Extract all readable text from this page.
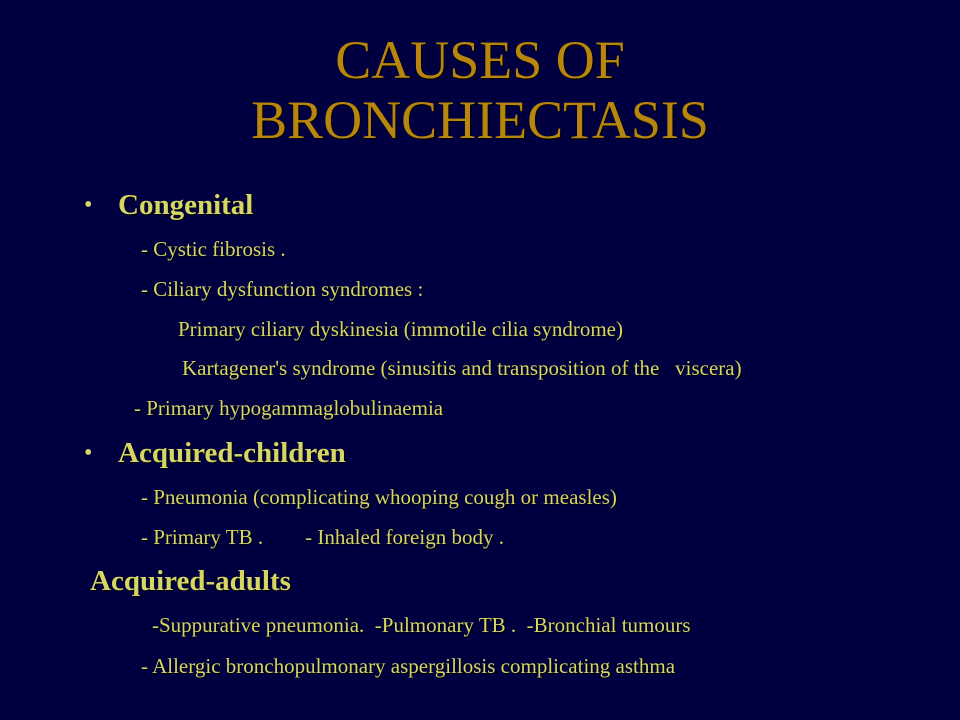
CAUSES OF
BRONCHIECTASIS
• Congenital
- Cystic fibrosis .
- Ciliary dysfunction syndromes :
Primary ciliary dyskinesia (immotile cilia syndrome)
Kartagener's syndrome (sinusitis and transposition of the   viscera)
- Primary hypogammaglobulinaemia
• Acquired-children
- Pneumonia (complicating whooping cough or measles)
- Primary TB .        - Inhaled foreign body .
Acquired-adults
-Suppurative pneumonia.  -Pulmonary TB .  -Bronchial tumours
- Allergic bronchopulmonary aspergillosis complicating asthma
